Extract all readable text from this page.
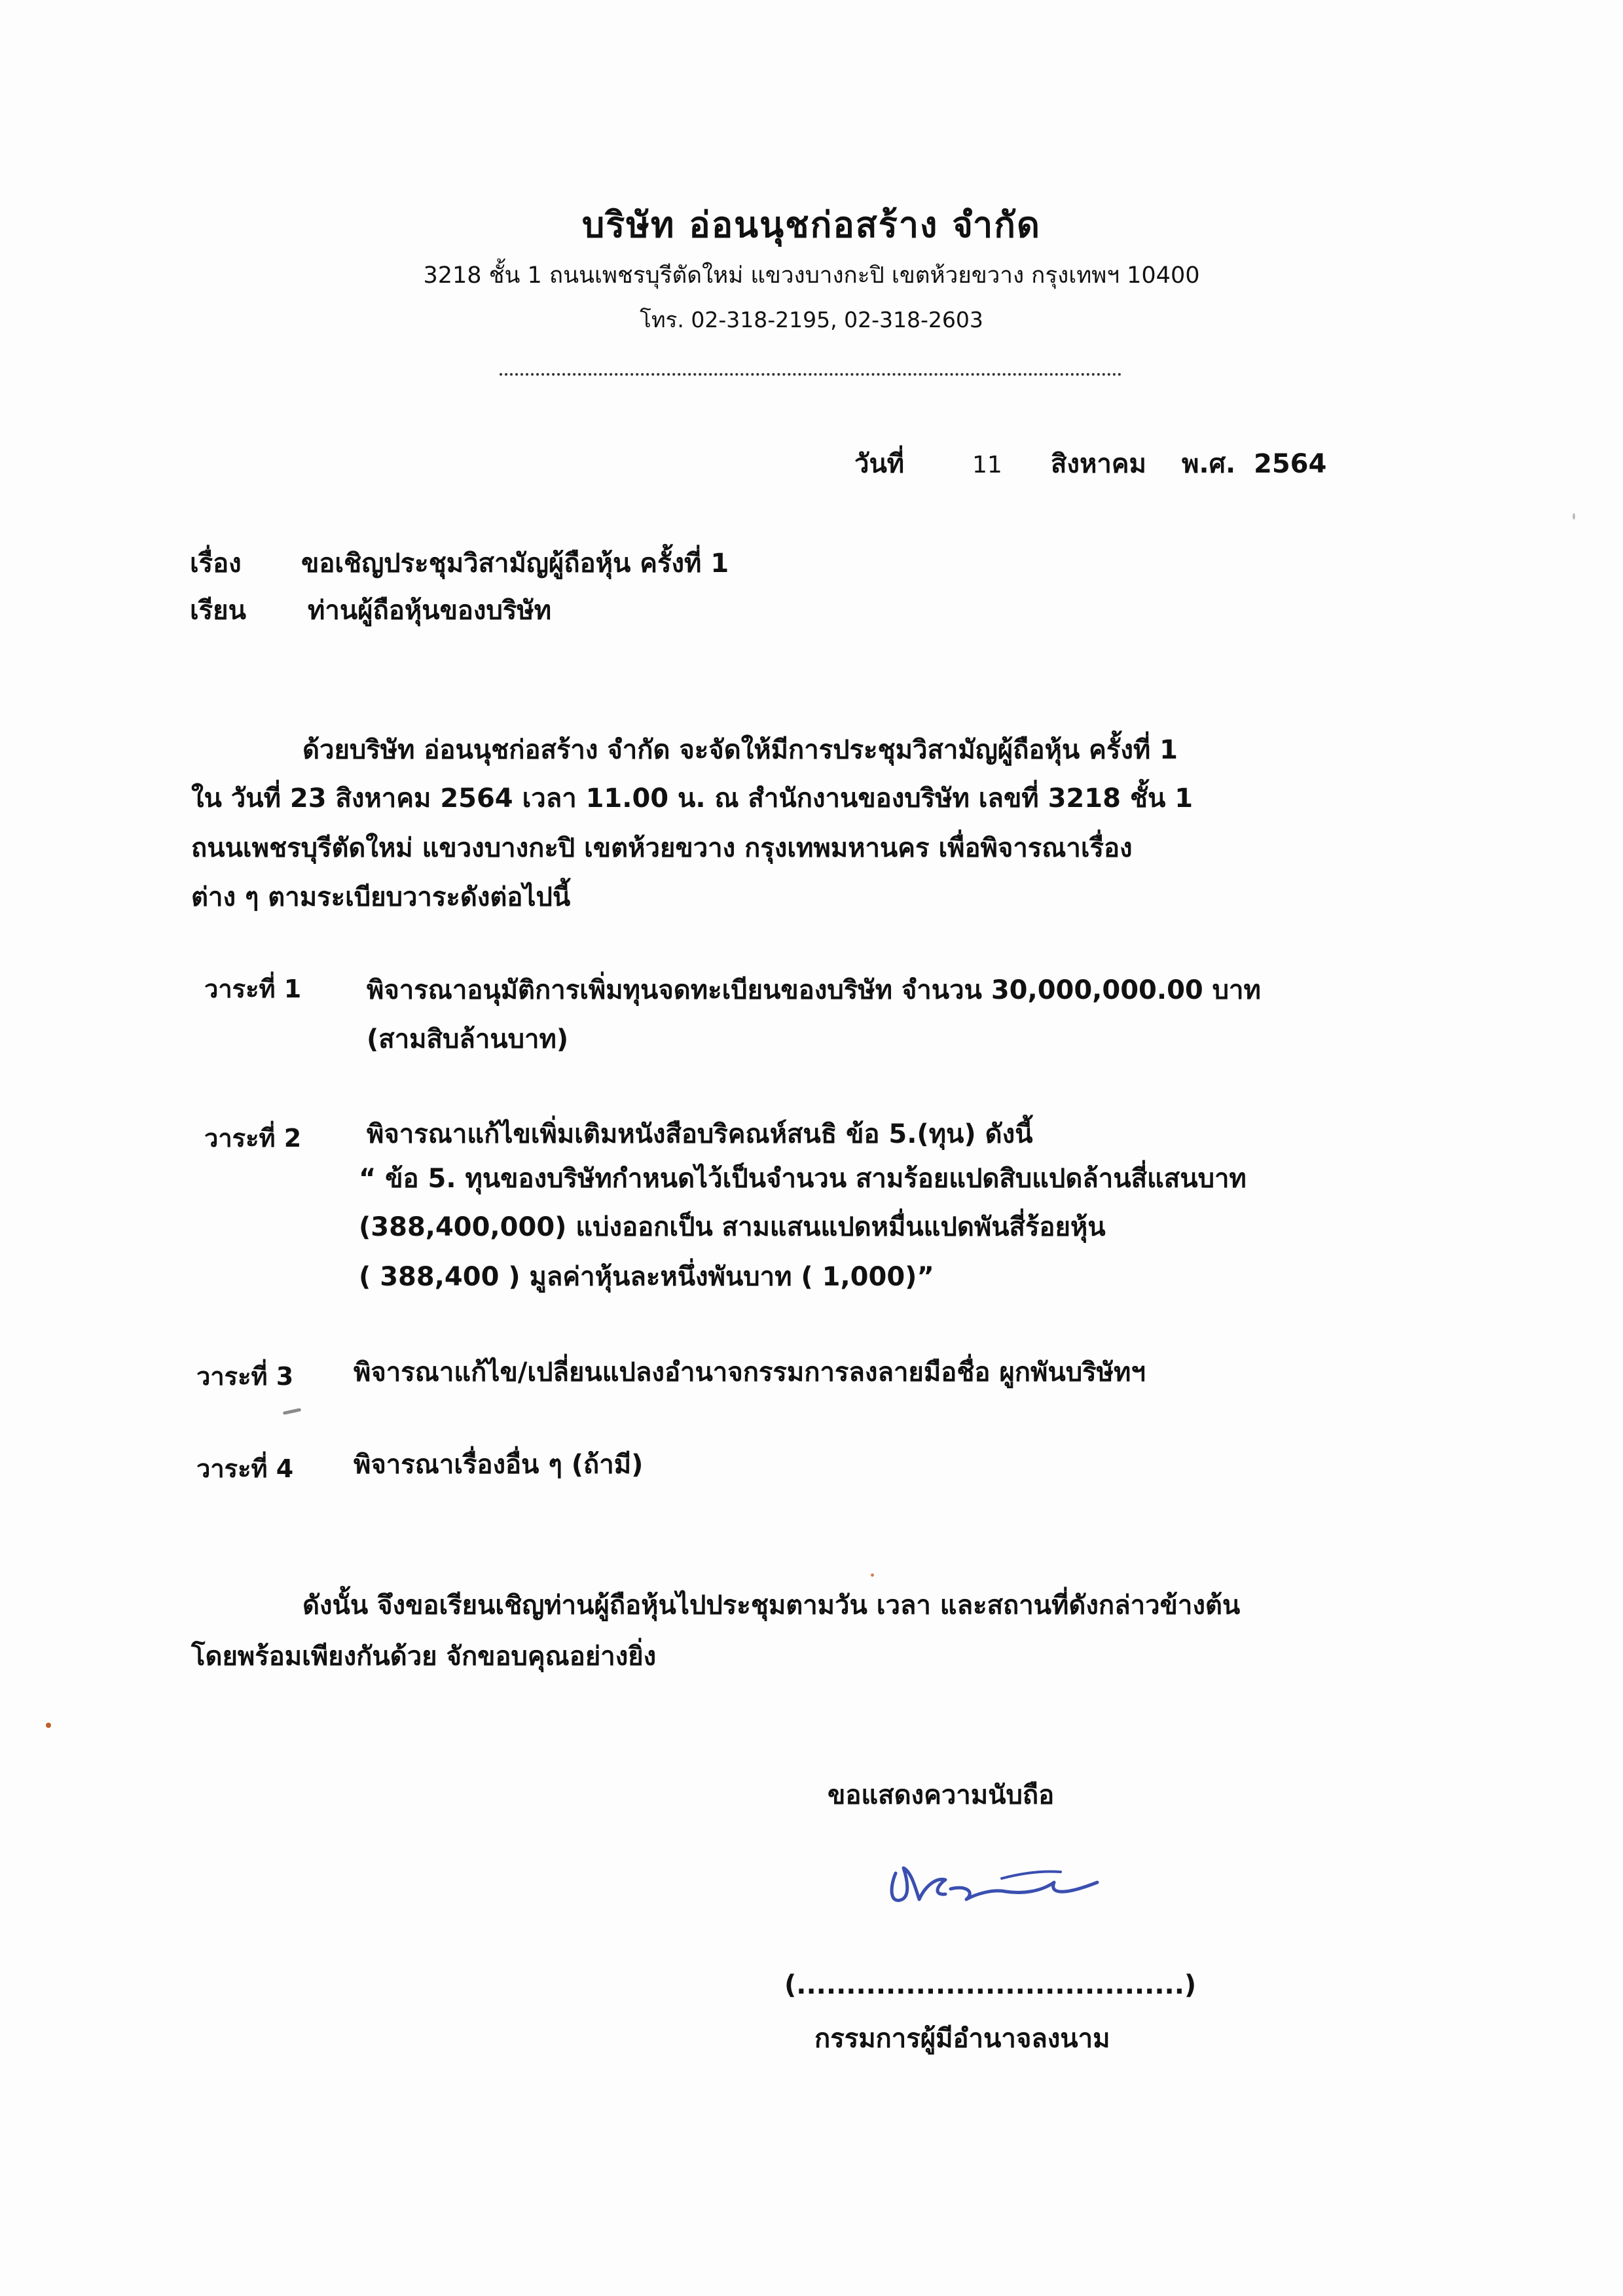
บริษัท อ่อนนุชก่อสร้าง จำกัด
3218 ชั้น 1 ถนนเพชรบุรีตัดใหม่ แขวงบางกะปิ เขตห้วยขวาง กรุงเทพฯ 10400
โทร. 02-318-2195, 02-318-2603
วันที่	11 สิงหาคม พ.ศ. 2564
เรื่อง ขอเชิญประชุมวิสามัญผู้ถือหุ้น ครั้งที่ 1
เรียน ท่านผู้ถือหุ้นของบริษัท
ด้วยบริษัท อ่อนนุชก่อสร้าง จำกัด จะจัดให้มีการประชุมวิสามัญผู้ถือหุ้น ครั้งที่ 1
ใน วันที่ 23 สิงหาคม 2564 เวลา 11.00 น. ณ สำนักงานของบริษัท เลขที่ 3218 ชั้น 1
ถนนเพชรบุรีตัดใหม่ แขวงบางกะปิ เขตห้วยขวาง กรุงเทพมหานคร เพื่อพิจารณาเรื่อง
ต่าง ๆ ตามระเบียบวาระดังต่อไปนี้
วาระที่ 1 พิจารณาอนุมัติการเพิ่มทุนจดทะเบียนของบริษัท จำนวน 30,000,000.00 บาท
(สามสิบล้านบาท)
วาระที่ 2 พิจารณาแก้ไขเพิ่มเติมหนังสือบริคณห์สนธิ ข้อ 5.(ทุน) ดังนี้
“ ข้อ 5. ทุนของบริษัทกำหนดไว้เป็นจำนวน สามร้อยแปดสิบแปดล้านสี่แสนบาท
(388,400,000) แบ่งออกเป็น สามแสนแปดหมื่นแปดพันสี่ร้อยหุ้น
( 388,400 ) มูลค่าหุ้นละหนึ่งพันบาท ( 1,000)”
วาระที่ 3 พิจารณาแก้ไข/เปลี่ยนแปลงอำนาจกรรมการลงลายมือชื่อ ผูกพันบริษัทฯ
วาระที่ 4 พิจารณาเรื่องอื่น ๆ (ถ้ามี)
ดังนั้น จึงขอเรียนเชิญท่านผู้ถือหุ้นไปประชุมตามวัน เวลา และสถานที่ดังกล่าวข้างต้น
โดยพร้อมเพียงกันด้วย จักขอบคุณอย่างยิ่ง
ขอแสดงความนับถือ
(.......................................)
กรรมการผู้มีอำนาจลงนาม
